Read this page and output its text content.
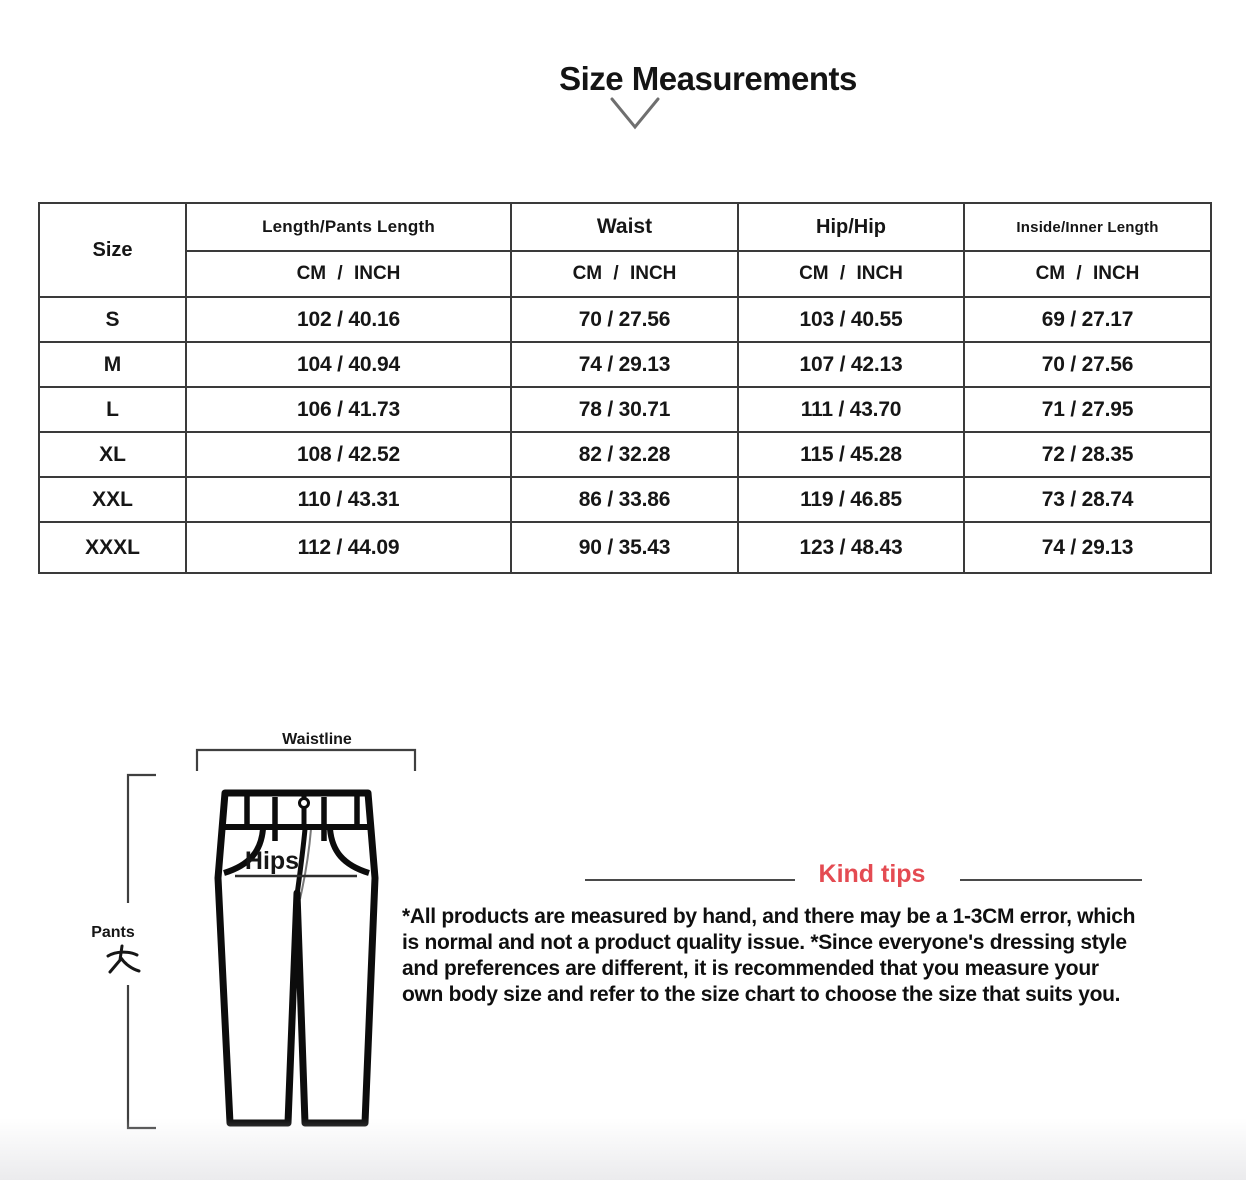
Size Measurements
Size	Length/Pants Length	Waist	Hip/Hip	Inside/Inner Length
	CM / INCH	CM / INCH	CM / INCH	CM / INCH
S	102 / 40.16	70 / 27.56	103 / 40.55	69 / 27.17
M	104 / 40.94	74 / 29.13	107 / 42.13	70 / 27.56
L	106 / 41.73	78 / 30.71	111 / 43.70	71 / 27.95
XL	108 / 42.52	82 / 32.28	115 / 45.28	72 / 28.35
XXL	110 / 43.31	86 / 33.86	119 / 46.85	73 / 28.74
XXXL	112 / 44.09	90 / 35.43	123 / 48.43	74 / 29.13
Waistline
Pants
Hips	Kind tips
*All products are measured by hand, and there may be a 1-3CM error, which
is normal and not a product quality issue. *Since everyone's dressing style
and preferences are different, it is recommended that you measure your
own body size and refer to the size chart to choose the size that suits you.
